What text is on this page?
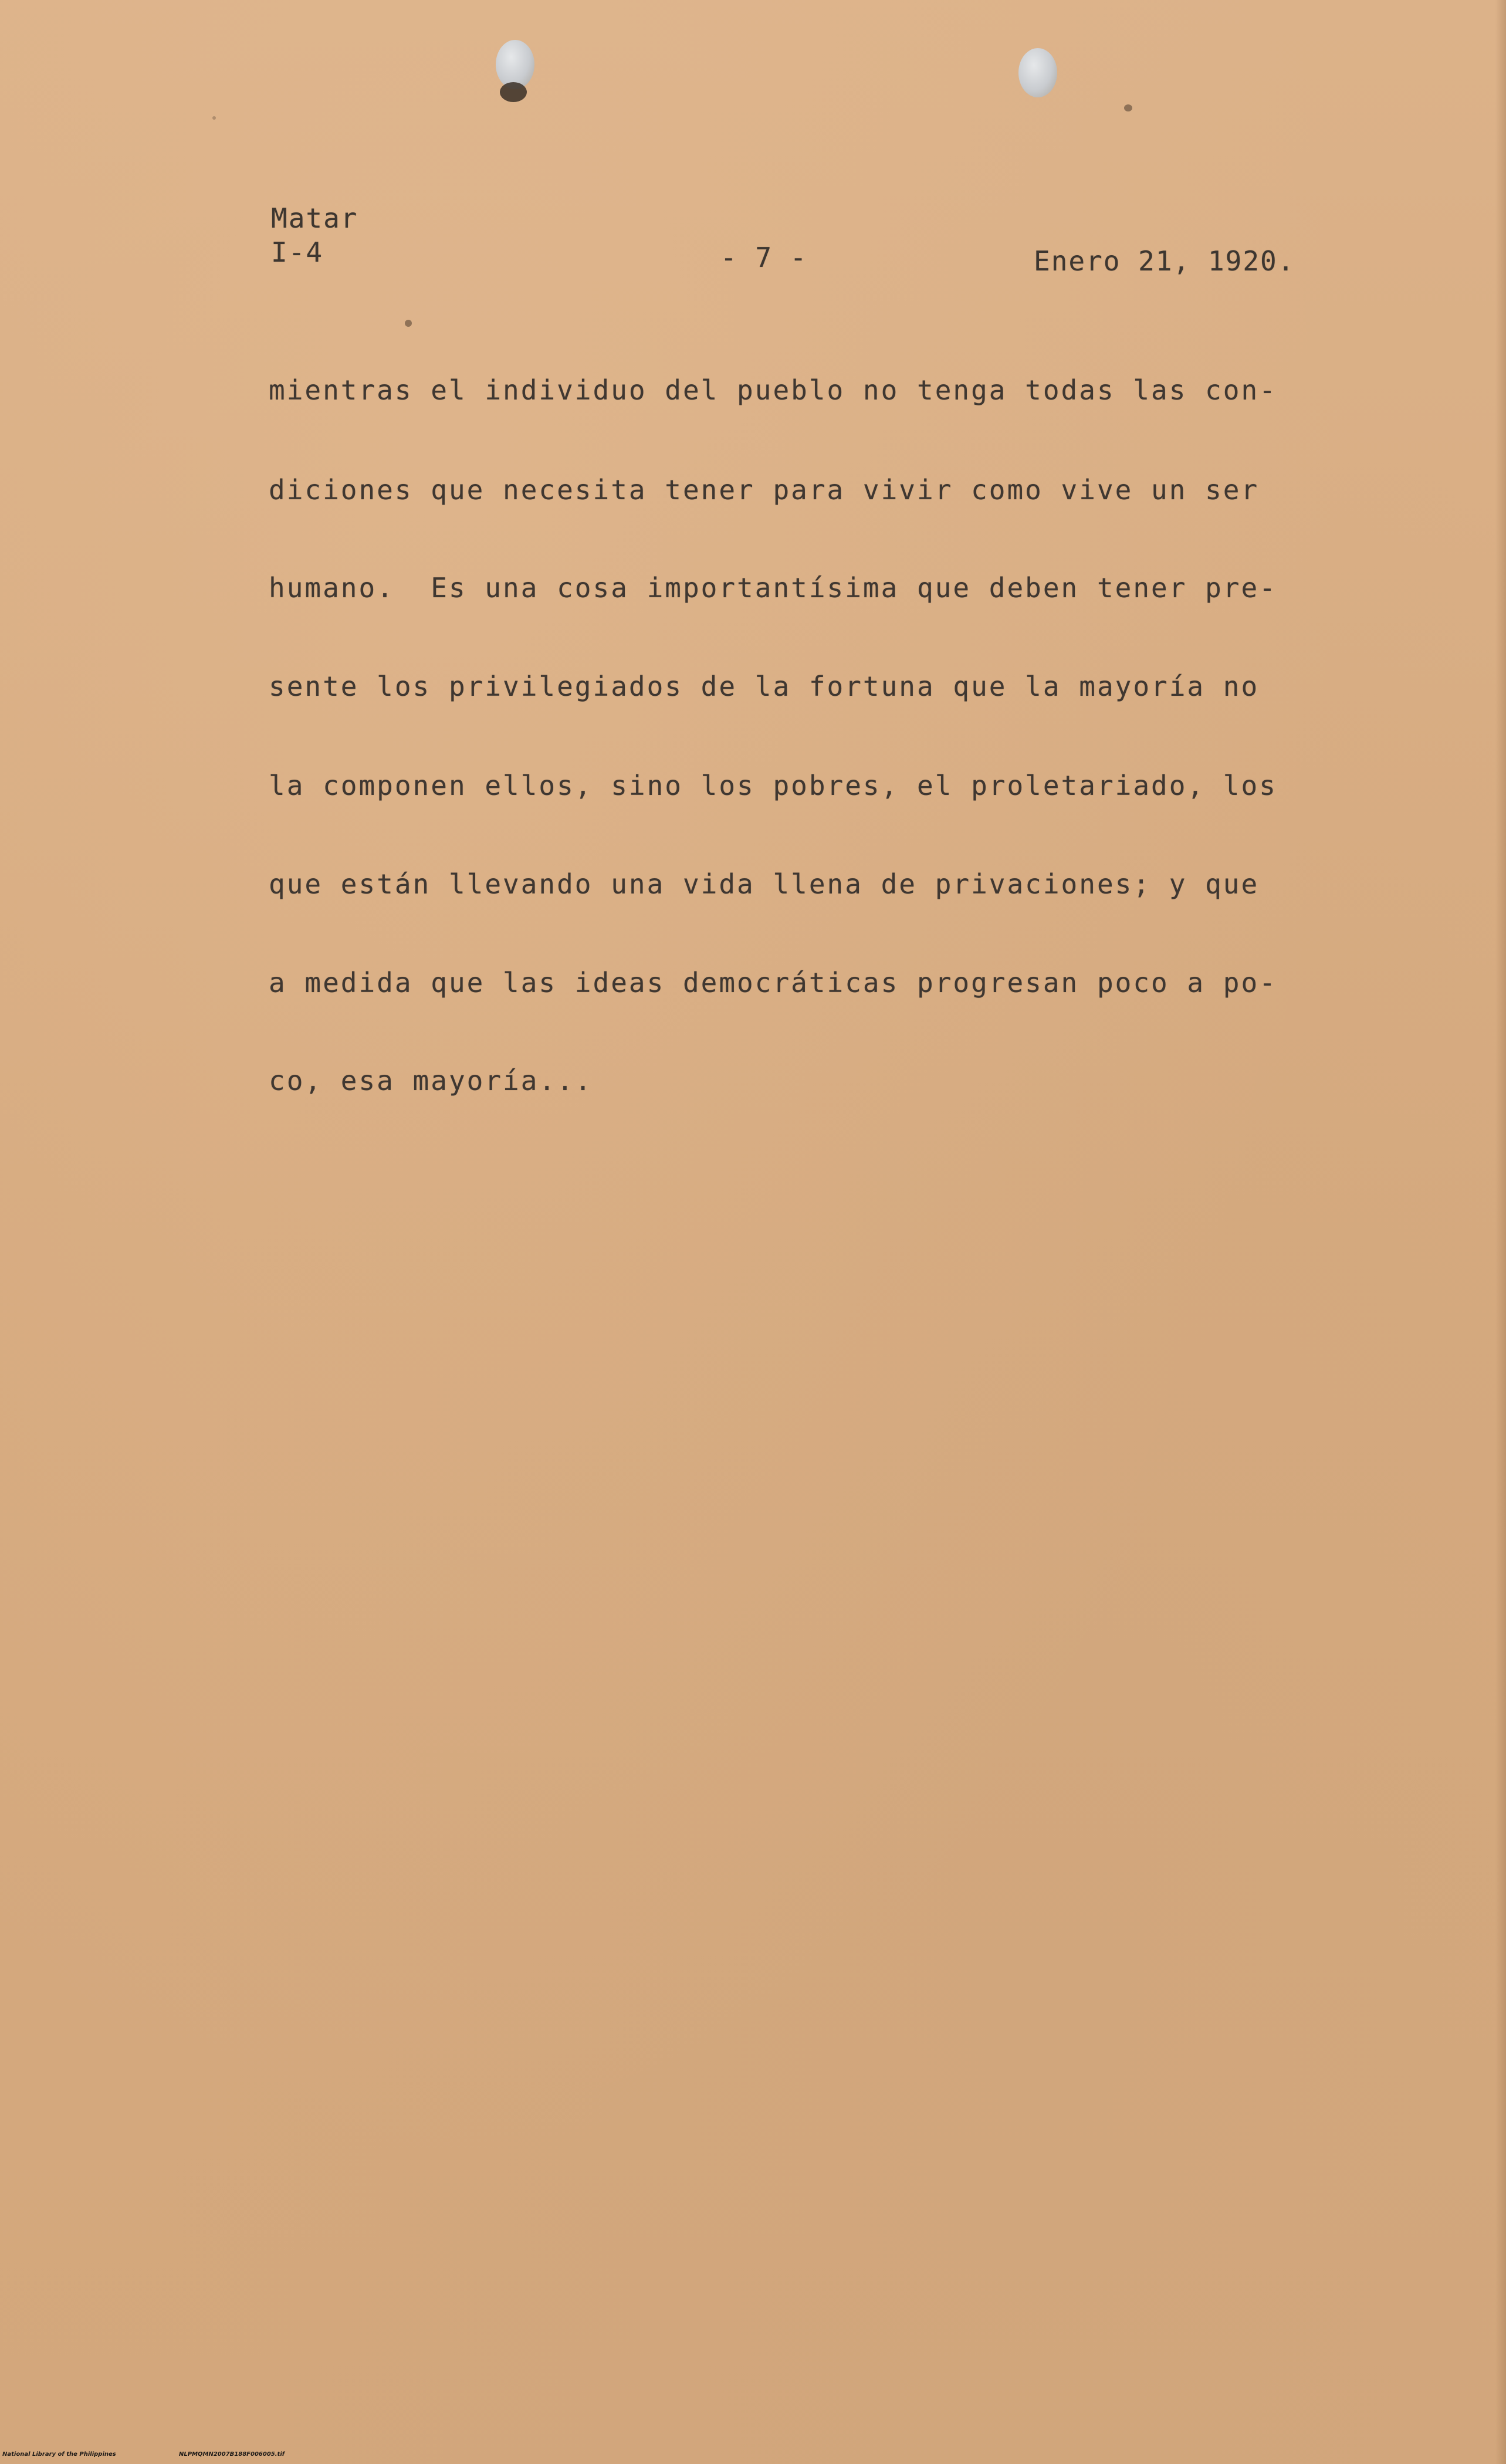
Matar
I-4	- 7 -	Enero 21, 1920.
mientras el individuo del pueblo no tenga todas las con-
diciones que necesita tener para vivir como vive un ser
humano.  Es una cosa importantísima que deben tener pre-
sente los privilegiados de la fortuna que la mayoría no
la componen ellos, sino los pobres, el proletariado, los
que están llevando una vida llena de privaciones; y que
a medida que las ideas democráticas progresan poco a po-
co, esa mayoría...
National Library of the Philippines	NLPMQMN2007B188F006005.tif
